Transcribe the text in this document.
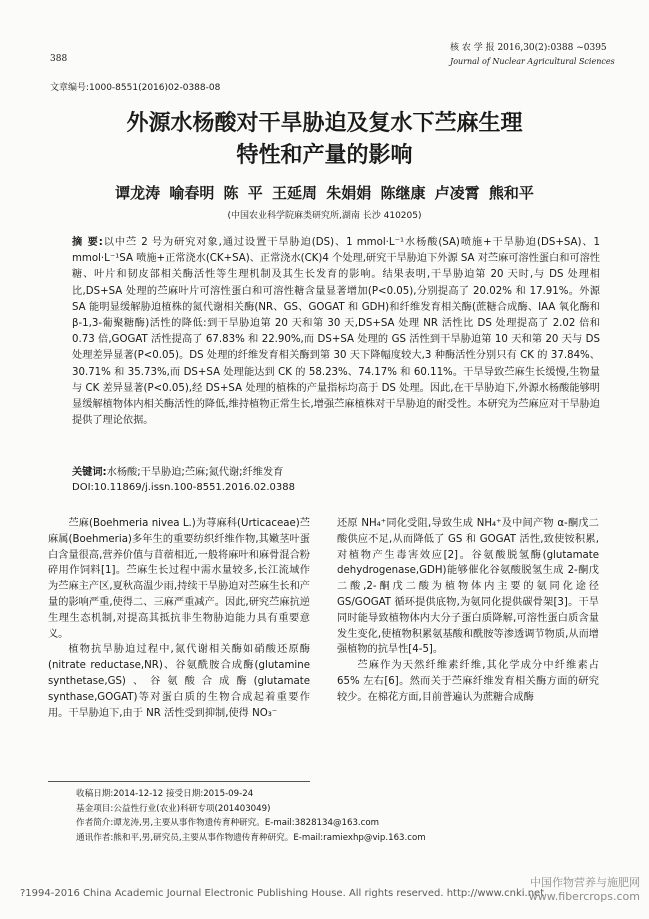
388
核 农 学 报 2016,30(2):0388 ~0395
Journal of Nuclear Agricultural Sciences
文章编号:1000-8551(2016)02-0388-08
外源水杨酸对干旱胁迫及复水下苎麻生理
特性和产量的影响
谭龙涛 喻春明 陈 平 王延周 朱娟娟 陈继康 卢凌霄 熊和平
(中国农业科学院麻类研究所,湖南 长沙 410205)
摘 要:以中苎 2 号为研究对象,通过设置干旱胁迫(DS)、1 mmol·L⁻¹水杨酸(SA)喷施+干旱胁迫(DS+SA)、1 mmol·L⁻¹SA 喷施+正常浇水(CK+SA)、正常浇水(CK)4 个处理,研究干旱胁迫下外源 SA 对苎麻可溶性蛋白和可溶性糖、叶片和韧皮部相关酶活性等生理机制及其生长发育的影响。结果表明,干旱胁迫第 20 天时,与 DS 处理相比,DS+SA 处理的苎麻叶片可溶性蛋白和可溶性糖含量显著增加(P<0.05),分别提高了 20.02% 和 17.91%。外源 SA 能明显缓解胁迫植株的氮代谢相关酶(NR、GS、GOGAT 和 GDH)和纤维发育相关酶(蔗糖合成酶、IAA 氧化酶和 β-1,3-葡聚糖酶)活性的降低:到干旱胁迫第 20 天和第 30 天,DS+SA 处理 NR 活性比 DS 处理提高了 2.02 倍和 0.73 倍,GOGAT 活性提高了 67.83% 和 22.90%,而 DS+SA 处理的 GS 活性到干旱胁迫第 10 天和第 20 天与 DS 处理差异显著(P<0.05)。DS 处理的纤维发育相关酶到第 30 天下降幅度较大,3 种酶活性分别只有 CK 的 37.84%、30.71% 和 35.73%,而 DS+SA 处理能达到 CK 的 58.23%、74.17% 和 60.11%。干旱导致苎麻生长缓慢,生物量与 CK 差异显著(P<0.05),经 DS+SA 处理的植株的产量指标均高于 DS 处理。因此,在干旱胁迫下,外源水杨酸能够明显缓解植物体内相关酶活性的降低,维持植物正常生长,增强苎麻植株对干旱胁迫的耐受性。本研究为苎麻应对干旱胁迫提供了理论依据。
关键词:水杨酸;干旱胁迫;苎麻;氮代谢;纤维发育
DOI:10.11869/j.issn.100-8551.2016.02.0388

苎麻(Boehmeria nivea L.)为荨麻科(Urticaceae)苎麻属(Boehmeria)多年生的重要纺织纤维作物,其嫩茎叶蛋白含量很高,营养价值与苜蓿相近,一般将麻叶和麻骨混合粉碎用作饲料[1]。苎麻生长过程中需水量较多,长江流域作为苎麻主产区,夏秋高温少雨,持续干旱胁迫对苎麻生长和产量的影响严重,使得二、三麻严重减产。因此,研究苎麻抗逆生理生态机制,对提高其抵抗非生物胁迫能力具有重要意义。

植物抗旱胁迫过程中,氮代谢相关酶如硝酸还原酶(nitrate reductase,NR)、谷氨酰胺合成酶(glutamine synthetase,GS)、谷氨酸合成酶(glutamate synthase,GOGAT)等对蛋白质的生物合成起着重要作用。干旱胁迫下,由于 NR 活性受到抑制,使得 NO₃⁻

还原 NH₄⁺同化受阻,导致生成 NH₄⁺及中间产物 α-酮戊二酸供应不足,从而降低了 GS 和 GOGAT 活性,致使铵积累,对植物产生毒害效应[2]。谷氨酸脱氢酶(glutamate dehydrogenase,GDH)能够催化谷氨酸脱氢生成 2-酮戊二酸,2-酮戊二酸为植物体内主要的氨同化途径 GS/GOGAT 循环提供底物,为氨同化提供碳骨架[3]。干旱同时能导致植物体内大分子蛋白质降解,可溶性蛋白质含量发生变化,使植物积累氨基酸和酰胺等渗透调节物质,从而增强植物的抗旱性[4-5]。

苎麻作为天然纤维素纤维,其化学成分中纤维素占 65% 左右[6]。然而关于苎麻纤维发育相关酶方面的研究较少。在棉花方面,目前普遍认为蔗糖合成酶

收稿日期:2014-12-12 接受日期:2015-09-24
基金项目:公益性行业(农业)科研专项(201403049)
作者简介:谭龙涛,男,主要从事作物遗传育种研究。E-mail:3828134@163.com
通讯作者:熊和平,男,研究员,主要从事作物遗传育种研究。E-mail:ramiexhp@vip.163.com
?1994-2016 China Academic Journal Electronic Publishing House. All rights reserved. http://www.cnki.net
中国作物营养与施肥网
www.fibercrops.com
